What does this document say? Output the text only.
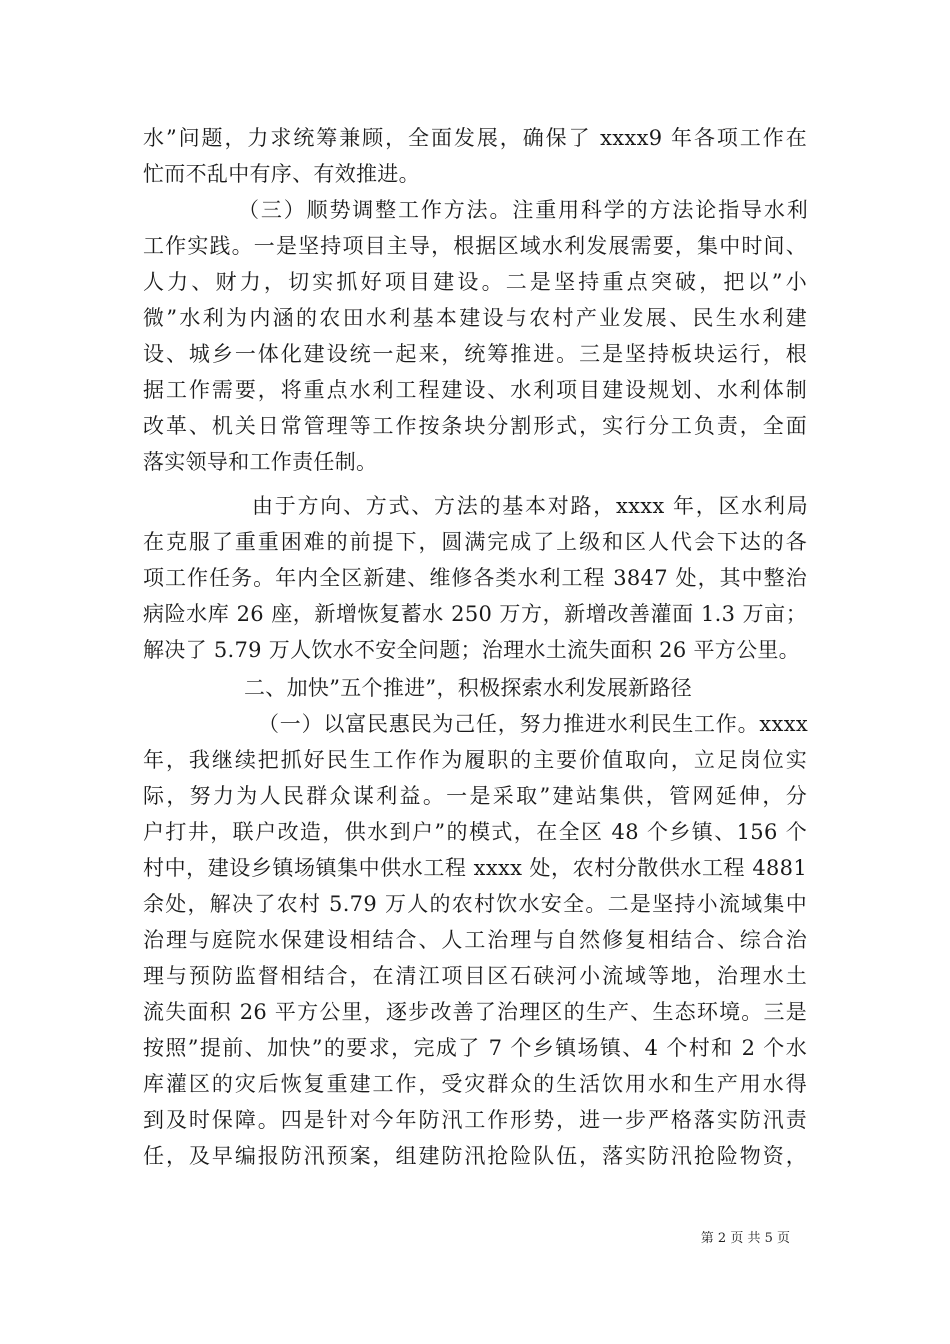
水”问题，力求统筹兼顾，全面发展，确保了 xxxx9 年各项工作在
忙而不乱中有序、有效推进。
（三）顺势调整工作方法。注重用科学的方法论指导水利
工作实践。一是坚持项目主导，根据区域水利发展需要，集中时间、
人力、财力，切实抓好项目建设。二是坚持重点突破，把以”小
微”水利为内涵的农田水利基本建设与农村产业发展、民生水利建
设、城乡一体化建设统一起来，统筹推进。三是坚持板块运行，根
据工作需要，将重点水利工程建设、水利项目建设规划、水利体制
改革、机关日常管理等工作按条块分割形式，实行分工负责，全面
落实领导和工作责任制。
由于方向、方式、方法的基本对路，xxxx 年，区水利局
在克服了重重困难的前提下，圆满完成了上级和区人代会下达的各
项工作任务。年内全区新建、维修各类水利工程 3847 处，其中整治
病险水库 26 座，新增恢复蓄水 250 万方，新增改善灌面 1.3 万亩；
解决了 5.79 万人饮水不安全问题；治理水土流失面积 26 平方公里。
二、加快”五个推进”，积极探索水利发展新路径
（一）以富民惠民为己任，努力推进水利民生工作。xxxx
年，我继续把抓好民生工作作为履职的主要价值取向，立足岗位实
际，努力为人民群众谋利益。一是采取”建站集供，管网延伸，分
户打井，联户改造，供水到户”的模式，在全区 48 个乡镇、156 个
村中，建设乡镇场镇集中供水工程 xxxx 处，农村分散供水工程 4881
余处，解决了农村 5.79 万人的农村饮水安全。二是坚持小流域集中
治理与庭院水保建设相结合、人工治理与自然修复相结合、综合治
理与预防监督相结合，在清江项目区石硖河小流域等地，治理水土
流失面积 26 平方公里，逐步改善了治理区的生产、生态环境。三是
按照”提前、加快”的要求，完成了 7 个乡镇场镇、4 个村和 2 个水
库灌区的灾后恢复重建工作，受灾群众的生活饮用水和生产用水得
到及时保障。四是针对今年防汛工作形势，进一步严格落实防汛责
任，及早编报防汛预案，组建防汛抢险队伍，落实防汛抢险物资，
第 2 页 共 5 页
